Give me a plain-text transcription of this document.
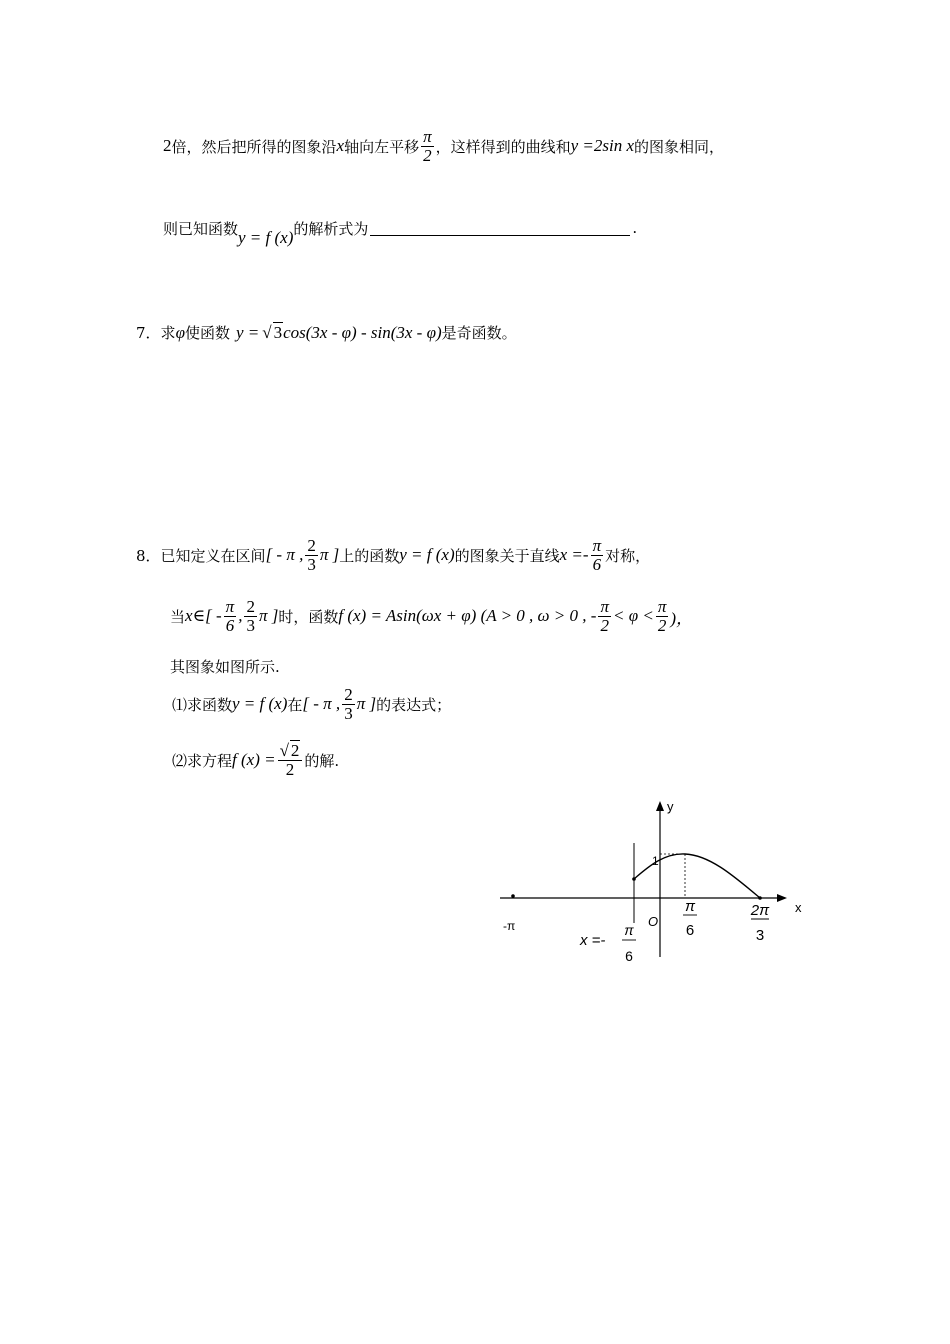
2 倍，然后把所得的图象沿 x 轴向左平移 $\frac{\pi}{2}$ ，这样得到的曲线和 y =2sin x 的图象相同，
则已知函数 y = f (x) 的解析式为	.
7． 求 φ 使函数 y = √ 3 cos(3x - φ) - sin(3x - φ) 是奇函数。
8． 已知定义在区间 [ - π , $\frac{2}{3}$ π ] 上的函数 y = f (x) 的图象关于直线 $x =- \frac{\pi}{6}$ 对称，
当 x∈[ - $\frac{\pi}{6}$ , $\frac{2}{3}$ π ] 时，函数 f (x) = Asin(ωx + φ) (A > 0 , ω > 0 , - $\frac{\pi}{2} < \varphi < \frac{\pi}{2}$ )，
其图象如图所示.
⑴求函数 y = f (x) 在 [ - π , $\frac{2}{3}$ π ] 的表达式；
⑵求方程 f $(x) = \frac{√ 2}{2}$ 的解.
y
x
O
1
-π
π
6
2π
3
x =-
π
6
